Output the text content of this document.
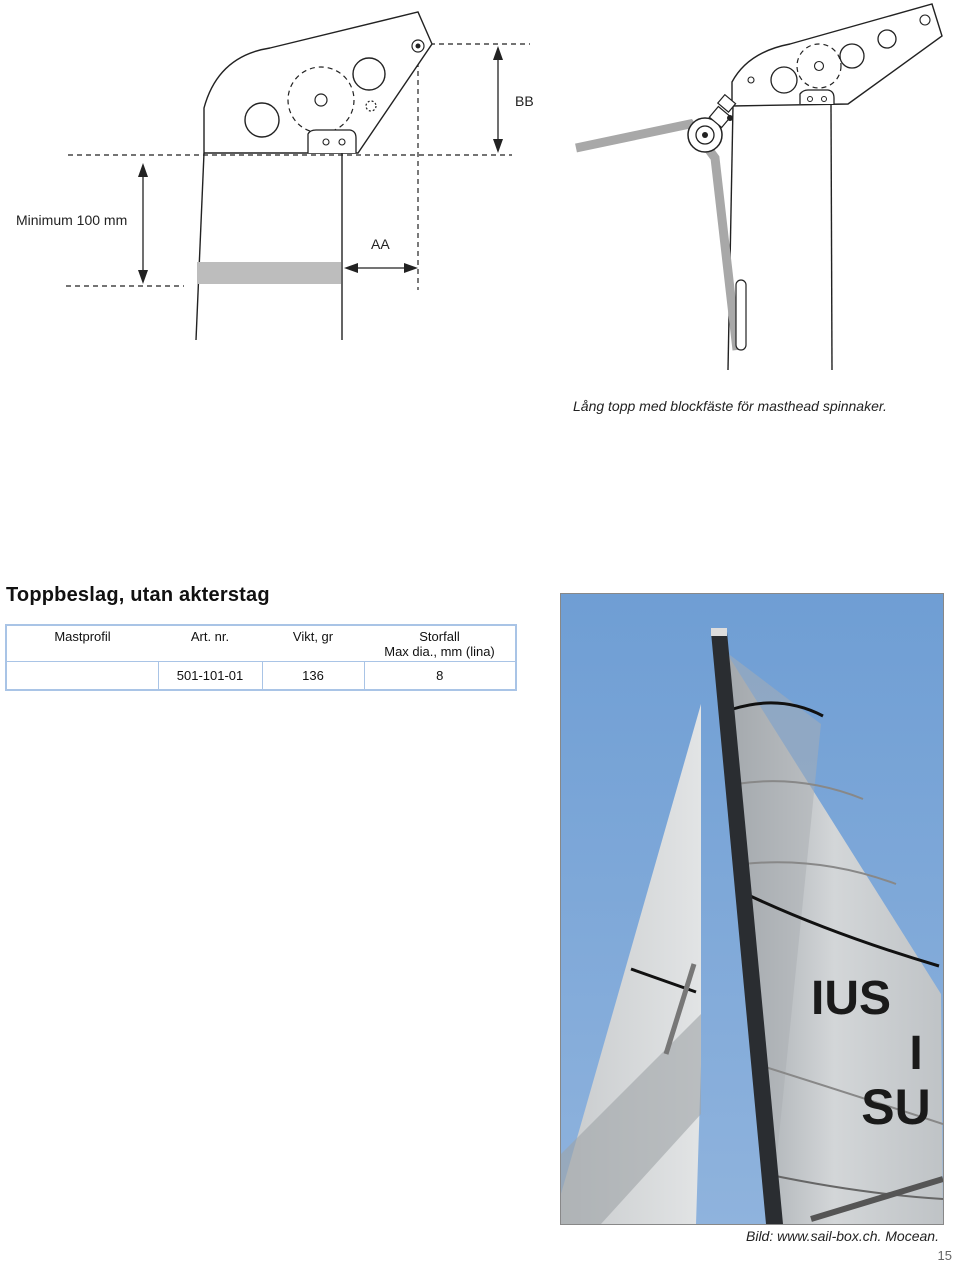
BB
Minimum 100 mm
AA
Lång topp med blockfäste för masthead spinnaker.
Toppbeslag, utan akterstag
Mastprofil	Art. nr.	Vikt, gr	Storfall
Max dia., mm (lina)

	501-101-01	136	8
IUS
I
SU
Bild: www.sail-box.ch. Mocean.
15
